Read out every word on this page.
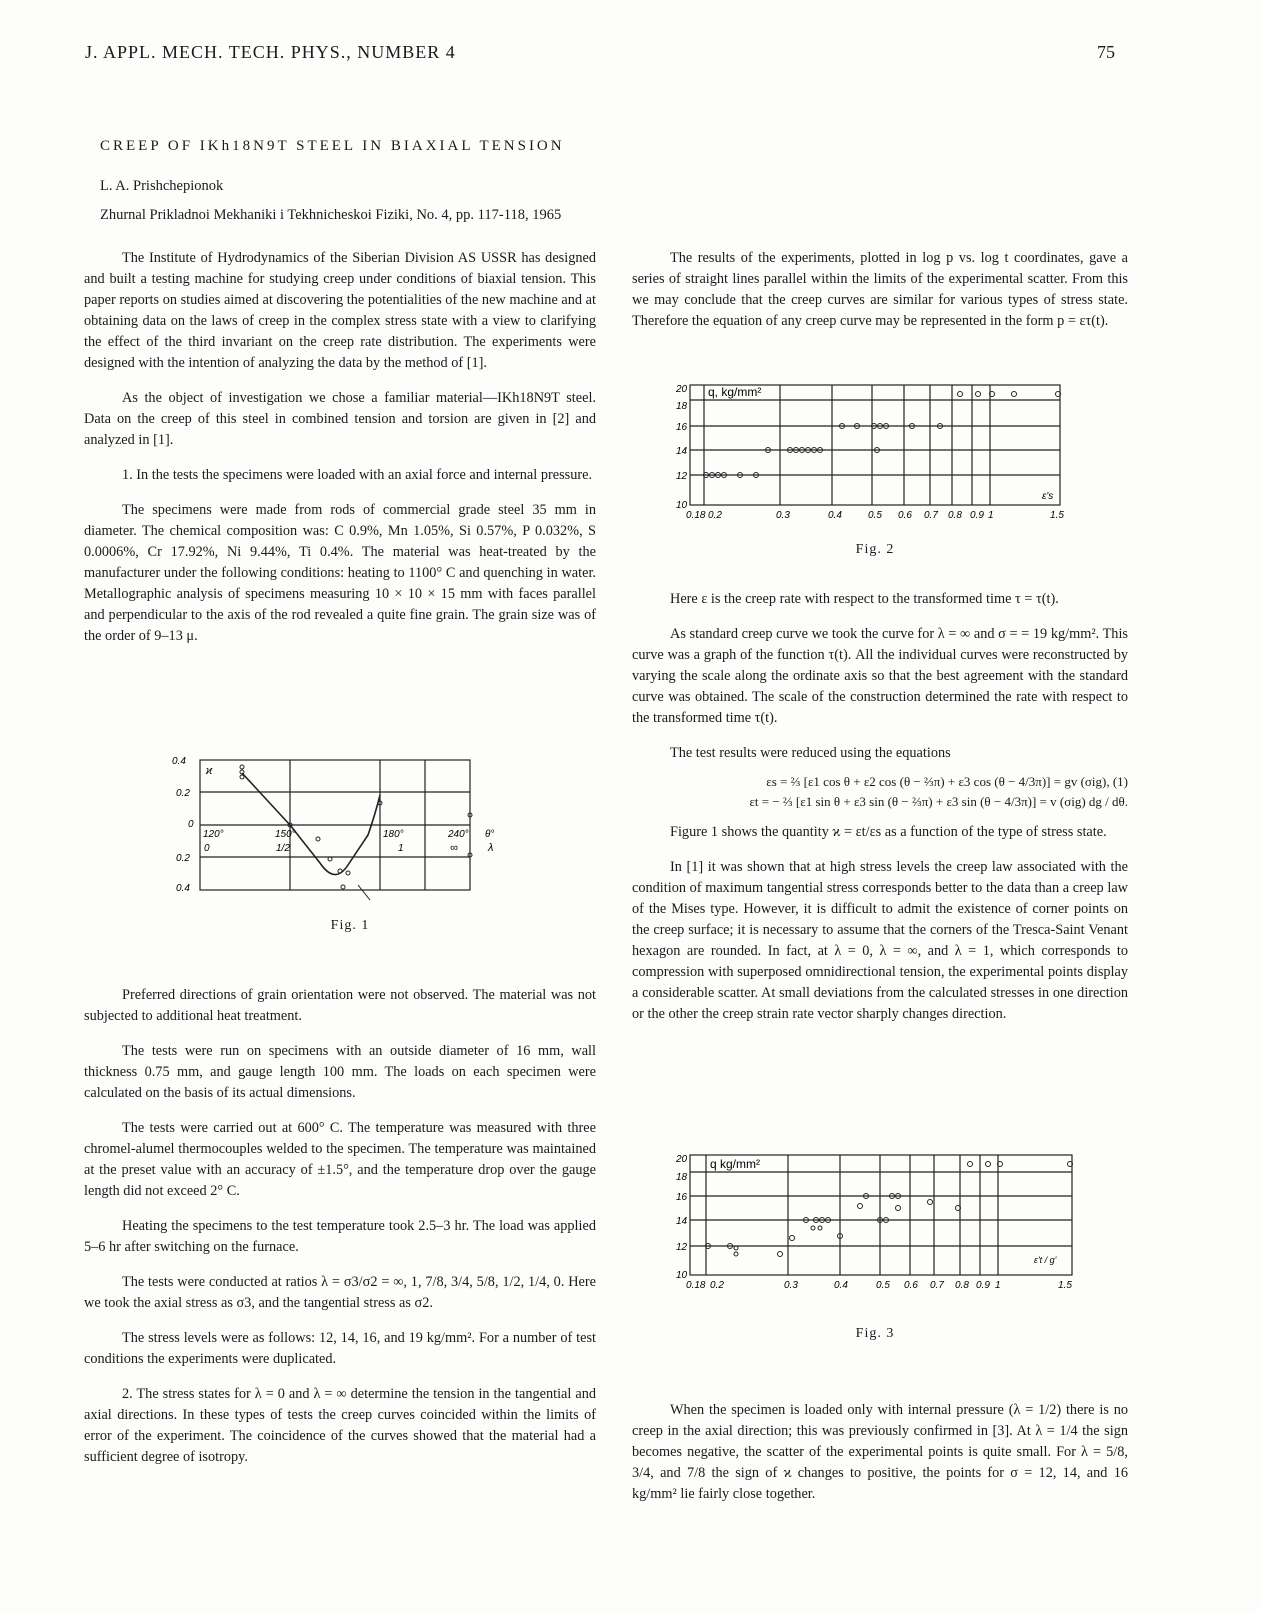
J. APPL. MECH. TECH. PHYS., NUMBER 4	75
CREEP OF IKh18N9T STEEL IN BIAXIAL TENSION
L. A. Prishchepionok
Zhurnal Prikladnoi Mekhaniki i Tekhnicheskoi Fiziki, No. 4, pp. 117-118, 1965

The Institute of Hydrodynamics of the Siberian Division AS USSR has designed and built a testing machine for studying creep under conditions of biaxial tension. This paper reports on studies aimed at discovering the potentialities of the new machine and at obtaining data on the laws of creep in the complex stress state with a view to clarifying the effect of the third invariant on the creep rate distribution. The experiments were designed with the intention of analyzing the data by the method of [1].

As the object of investigation we chose a familiar material—IKh18N9T steel. Data on the creep of this steel in combined tension and torsion are given in [2] and analyzed in [1].

1. In the tests the specimens were loaded with an axial force and internal pressure.

The specimens were made from rods of commercial grade steel 35 mm in diameter. The chemical composition was: C 0.9%, Mn 1.05%, Si 0.57%, P 0.032%, S 0.0006%, Cr 17.92%, Ni 9.44%, Ti 0.4%. The material was heat-treated by the manufacturer under the following conditions: heating to 1100° C and quenching in water. Metallographic analysis of specimens measuring 10 × 10 × 15 mm with faces parallel and perpendicular to the axis of the rod revealed a quite fine grain. The grain size was of the order of 9–13 μ.

0.4
0.2
0
0.2
0.4
ϰ
120°	150°	180°	240° θ°
0	1/2	1	∞	λ
Fig. 1

Preferred directions of grain orientation were not observed. The material was not subjected to additional heat treatment.

The tests were run on specimens with an outside diameter of 16 mm, wall thickness 0.75 mm, and gauge length 100 mm. The loads on each specimen were calculated on the basis of its actual dimensions.

The tests were carried out at 600° C. The temperature was measured with three chromel-alumel thermocouples welded to the specimen. The temperature was maintained at the preset value with an accuracy of ±1.5°, and the temperature drop over the gauge length did not exceed 2° C.

Heating the specimens to the test temperature took 2.5–3 hr. The load was applied 5–6 hr after switching on the furnace.

The tests were conducted at ratios λ = σ3/σ2 = ∞, 1, 7/8, 3/4, 5/8, 1/2, 1/4, 0. Here we took the axial stress as σ3, and the tangential stress as σ2.

The stress levels were as follows: 12, 14, 16, and 19 kg/mm². For a number of test conditions the experiments were duplicated.

2. The stress states for λ = 0 and λ = ∞ determine the tension in the tangential and axial directions. In these types of tests the creep curves coincided within the limits of error of the experiment. The coincidence of the curves showed that the material had a sufficient degree of isotropy.

The results of the experiments, plotted in log p vs. log t coordinates, gave a series of straight lines parallel within the limits of the experimental scatter. From this we may conclude that the creep curves are similar for various types of stress state. Therefore the equation of any creep curve may be represented in the form p = ετ(t).

20
18
16
14
12
10
q, kg/mm²
ε's
0.18 0.2	0.3	0.4	0.5 0.6 0.7 0.8 0.9 1	1.5
Fig. 2

Here ε is the creep rate with respect to the transformed time τ = τ(t).

As standard creep curve we took the curve for λ = ∞ and σ = = 19 kg/mm². This curve was a graph of the function τ(t). All the individual curves were reconstructed by varying the scale along the ordinate axis so that the best agreement with the standard curve was obtained. The scale of the construction determined the rate with respect to the transformed time τ(t).

The test results were reduced using the equations

εs = ⅔ [ε1 cos θ + ε2 cos (θ − ⅔π) + ε3 cos (θ − 4/3π)] = gv (σig), (1)
εt = − ⅔ [ε1 sin θ + ε3 sin (θ − ⅔π) + ε3 sin (θ − 4/3π)] = v (σig) dg / dθ.

Figure 1 shows the quantity ϰ = εt/εs as a function of the type of stress state.

In [1] it was shown that at high stress levels the creep law associated with the condition of maximum tangential stress corresponds better to the data than a creep law of the Mises type. However, it is difficult to admit the existence of corner points on the creep surface; it is necessary to assume that the corners of the Tresca-Saint Venant hexagon are rounded. In fact, at λ = 0, λ = ∞, and λ = 1, which corresponds to compression with superposed omnidirectional tension, the experimental points display a considerable scatter. At small deviations from the calculated stresses in one direction or the other the creep strain rate vector sharply changes direction.

20
18
16
14
12
10
q kg/mm²
ε't / g'
0.18 0.2	0.3	0.4	0.5 0.6 0.7 0.8 0.9 1	1.5
Fig. 3

When the specimen is loaded only with internal pressure (λ = 1/2) there is no creep in the axial direction; this was previously confirmed in [3]. At λ = 1/4 the sign becomes negative, the scatter of the experimental points is quite small. For λ = 5/8, 3/4, and 7/8 the sign of ϰ changes to positive, the points for σ = 12, 14, and 16 kg/mm² lie fairly close together.
